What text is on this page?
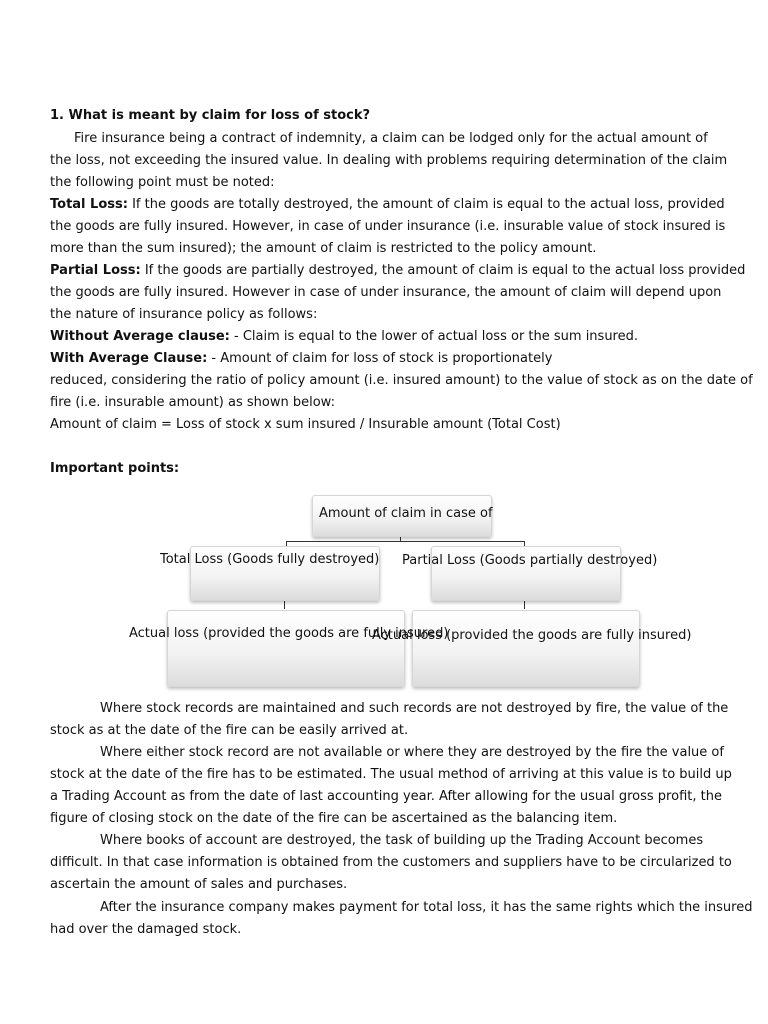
1. What is meant by claim for loss of stock?
Fire insurance being a contract of indemnity, a claim can be lodged only for the actual amount of
the loss, not exceeding the insured value. In dealing with problems requiring determination of the claim
the following point must be noted:
Total Loss: If the goods are totally destroyed, the amount of claim is equal to the actual loss, provided
the goods are fully insured. However, in case of under insurance (i.e. insurable value of stock insured is
more than the sum insured); the amount of claim is restricted to the policy amount.
Partial Loss: If the goods are partially destroyed, the amount of claim is equal to the actual loss provided
the goods are fully insured. However in case of under insurance, the amount of claim will depend upon
the nature of insurance policy as follows:
Without Average clause: - Claim is equal to the lower of actual loss or the sum insured.
With Average Clause: - Amount of claim for loss of stock is proportionately
reduced, considering the ratio of policy amount (i.e. insured amount) to the value of stock as on the date of
fire (i.e. insurable amount) as shown below:
Amount of claim = Loss of stock x sum insured / Insurable amount (Total Cost)
Important points:
Amount of claim in case of
Total Loss (Goods fully destroyed) Partial Loss (Goods partially destroyed)
Actual loss (provided the goods are fully insured)
Actual loss (provided the goods are fully insured)
Where stock records are maintained and such records are not destroyed by fire, the value of the
stock as at the date of the fire can be easily arrived at.
Where either stock record are not available or where they are destroyed by the fire the value of
stock at the date of the fire has to be estimated. The usual method of arriving at this value is to build up
a Trading Account as from the date of last accounting year. After allowing for the usual gross profit, the
figure of closing stock on the date of the fire can be ascertained as the balancing item.
Where books of account are destroyed, the task of building up the Trading Account becomes
difficult. In that case information is obtained from the customers and suppliers have to be circularized to
ascertain the amount of sales and purchases.
After the insurance company makes payment for total loss, it has the same rights which the insured
had over the damaged stock.
